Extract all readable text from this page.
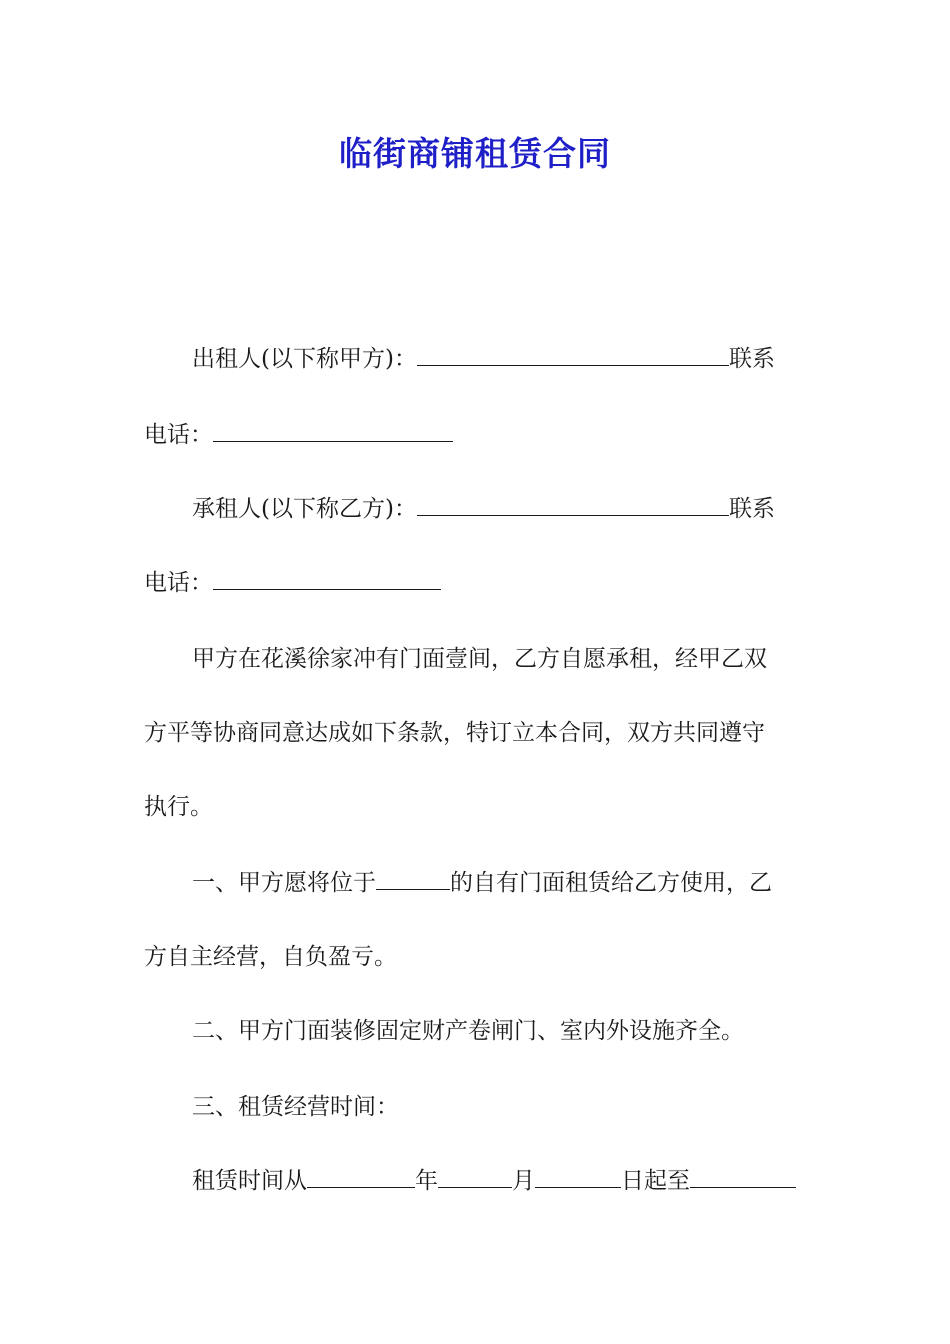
临街商铺租赁合同
出租人(以下称甲方)：	联系
电话：
承租人(以下称乙方)：	联系
电话：
甲方在花溪徐家冲有门面壹间，乙方自愿承租，经甲乙双
方平等协商同意达成如下条款，特订立本合同，双方共同遵守
执行。
一、甲方愿将位于	的自有门面租赁给乙方使用，乙
方自主经营，自负盈亏。
二、甲方门面装修固定财产卷闸门、室内外设施齐全。
三、租赁经营时间：
租赁时间从	年	月	日起至
